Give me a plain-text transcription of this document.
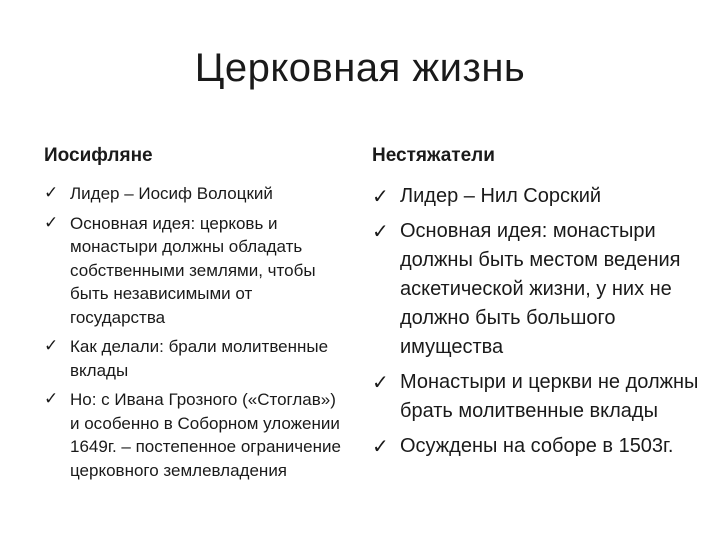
Церковная жизнь
Иосифляне
✓ Лидер – Иосиф Волоцкий
✓ Основная идея: церковь и монастыри должны обладать собственными землями, чтобы быть независимыми от государства
✓ Как делали: брали молитвенные вклады
✓ Но: с Ивана Грозного («Стоглав») и особенно в Соборном уложении 1649г. – постепенное ограничение церковного землевладения
Нестяжатели
✓ Лидер – Нил Сорский
✓ Основная идея: монастыри должны быть местом ведения аскетической жизни, у них не должно быть большого имущества
✓ Монастыри и церкви не должны брать молитвенные вклады
✓ Осуждены на соборе в 1503г.
